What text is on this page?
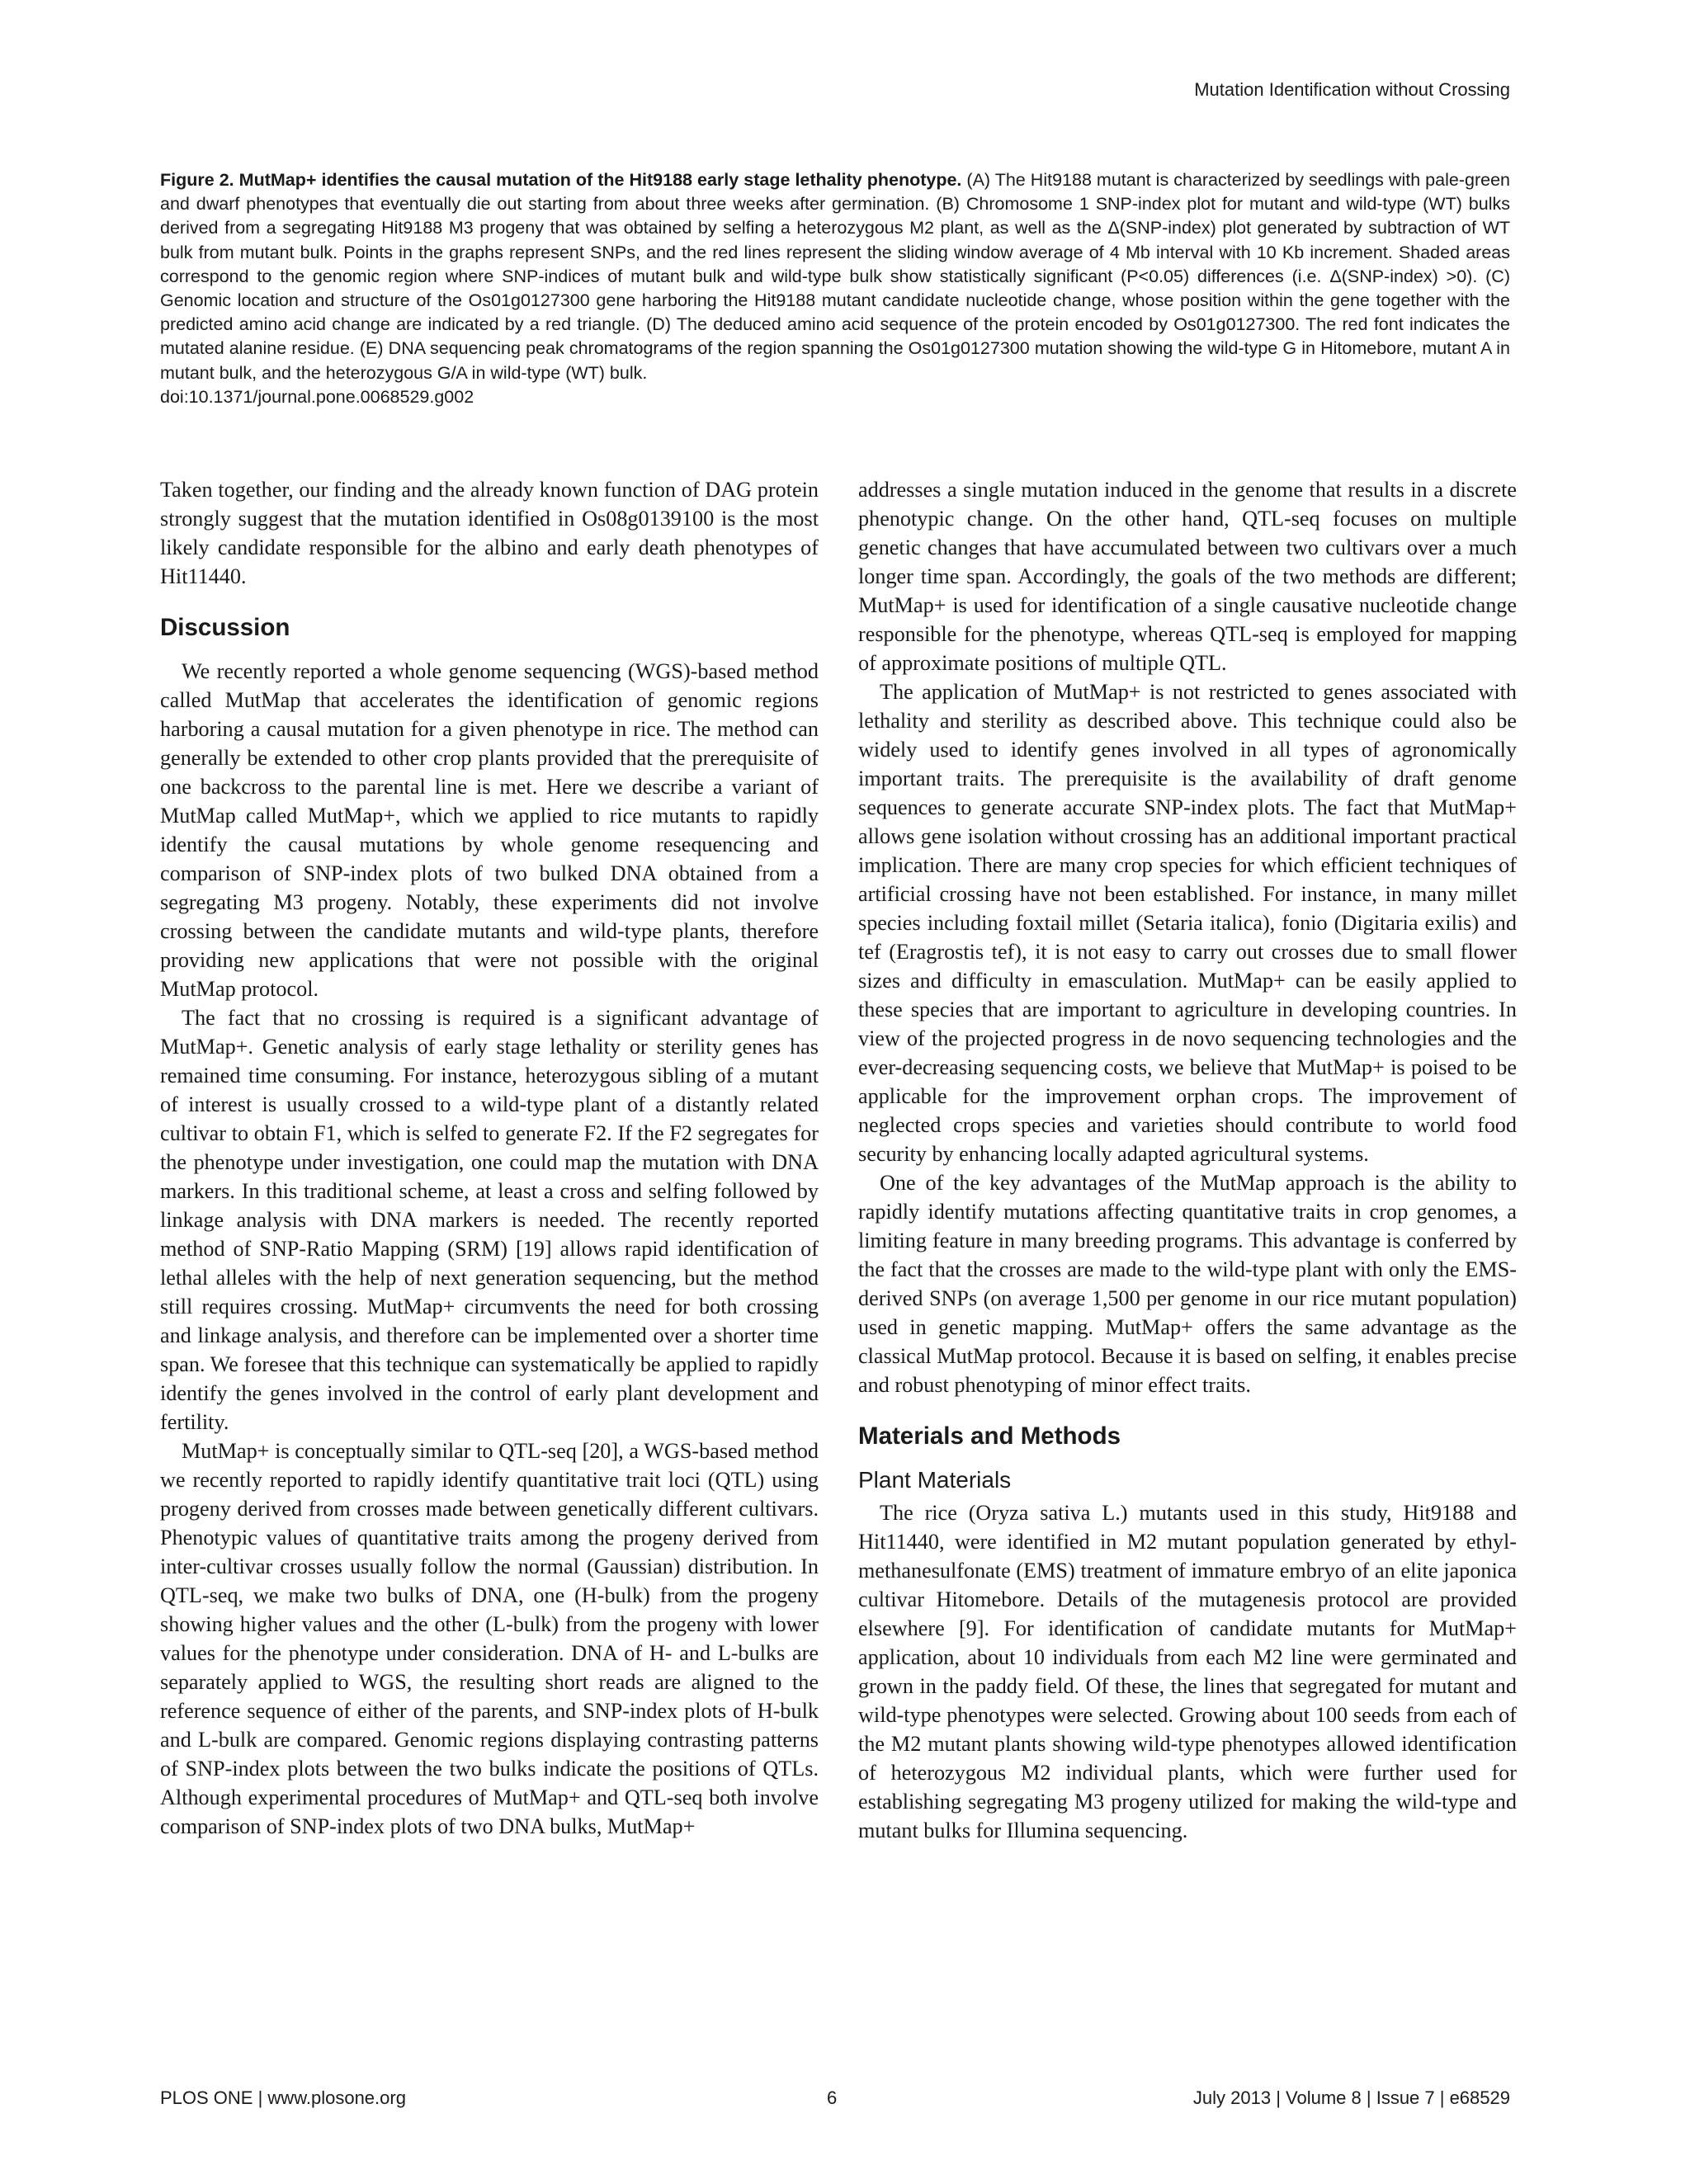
Mutation Identification without Crossing

Figure 2. MutMap+ identifies the causal mutation of the Hit9188 early stage lethality phenotype. (A) The Hit9188 mutant is characterized by seedlings with pale-green and dwarf phenotypes that eventually die out starting from about three weeks after germination. (B) Chromosome 1 SNP-index plot for mutant and wild-type (WT) bulks derived from a segregating Hit9188 M3 progeny that was obtained by selfing a heterozygous M2 plant, as well as the Δ(SNP-index) plot generated by subtraction of WT bulk from mutant bulk. Points in the graphs represent SNPs, and the red lines represent the sliding window average of 4 Mb interval with 10 Kb increment. Shaded areas correspond to the genomic region where SNP-indices of mutant bulk and wild-type bulk show statistically significant (P<0.05) differences (i.e. Δ(SNP-index) >0). (C) Genomic location and structure of the Os01g0127300 gene harboring the Hit9188 mutant candidate nucleotide change, whose position within the gene together with the predicted amino acid change are indicated by a red triangle. (D) The deduced amino acid sequence of the protein encoded by Os01g0127300. The red font indicates the mutated alanine residue. (E) DNA sequencing peak chromatograms of the region spanning the Os01g0127300 mutation showing the wild-type G in Hitomebore, mutant A in mutant bulk, and the heterozygous G/A in wild-type (WT) bulk.

doi:10.1371/journal.pone.0068529.g002

Taken together, our finding and the already known function of DAG protein strongly suggest that the mutation identified in Os08g0139100 is the most likely candidate responsible for the albino and early death phenotypes of Hit11440.

Discussion

We recently reported a whole genome sequencing (WGS)-based method called MutMap that accelerates the identification of genomic regions harboring a causal mutation for a given phenotype in rice. The method can generally be extended to other crop plants provided that the prerequisite of one backcross to the parental line is met. Here we describe a variant of MutMap called MutMap+, which we applied to rice mutants to rapidly identify the causal mutations by whole genome resequencing and comparison of SNP-index plots of two bulked DNA obtained from a segregating M3 progeny. Notably, these experiments did not involve crossing between the candidate mutants and wild-type plants, therefore providing new applications that were not possible with the original MutMap protocol.

The fact that no crossing is required is a significant advantage of MutMap+. Genetic analysis of early stage lethality or sterility genes has remained time consuming. For instance, heterozygous sibling of a mutant of interest is usually crossed to a wild-type plant of a distantly related cultivar to obtain F1, which is selfed to generate F2. If the F2 segregates for the phenotype under investigation, one could map the mutation with DNA markers. In this traditional scheme, at least a cross and selfing followed by linkage analysis with DNA markers is needed. The recently reported method of SNP-Ratio Mapping (SRM) [19] allows rapid identification of lethal alleles with the help of next generation sequencing, but the method still requires crossing. MutMap+ circumvents the need for both crossing and linkage analysis, and therefore can be implemented over a shorter time span. We foresee that this technique can systematically be applied to rapidly identify the genes involved in the control of early plant development and fertility.

MutMap+ is conceptually similar to QTL-seq [20], a WGS-based method we recently reported to rapidly identify quantitative trait loci (QTL) using progeny derived from crosses made between genetically different cultivars. Phenotypic values of quantitative traits among the progeny derived from inter-cultivar crosses usually follow the normal (Gaussian) distribution. In QTL-seq, we make two bulks of DNA, one (H-bulk) from the progeny showing higher values and the other (L-bulk) from the progeny with lower values for the phenotype under consideration. DNA of H- and L-bulks are separately applied to WGS, the resulting short reads are aligned to the reference sequence of either of the parents, and SNP-index plots of H-bulk and L-bulk are compared. Genomic regions displaying contrasting patterns of SNP-index plots between the two bulks indicate the positions of QTLs. Although experimental procedures of MutMap+ and QTL-seq both involve comparison of SNP-index plots of two DNA bulks, MutMap+

addresses a single mutation induced in the genome that results in a discrete phenotypic change. On the other hand, QTL-seq focuses on multiple genetic changes that have accumulated between two cultivars over a much longer time span. Accordingly, the goals of the two methods are different; MutMap+ is used for identification of a single causative nucleotide change responsible for the phenotype, whereas QTL-seq is employed for mapping of approximate positions of multiple QTL.

The application of MutMap+ is not restricted to genes associated with lethality and sterility as described above. This technique could also be widely used to identify genes involved in all types of agronomically important traits. The prerequisite is the availability of draft genome sequences to generate accurate SNP-index plots. The fact that MutMap+ allows gene isolation without crossing has an additional important practical implication. There are many crop species for which efficient techniques of artificial crossing have not been established. For instance, in many millet species including foxtail millet (Setaria italica), fonio (Digitaria exilis) and tef (Eragrostis tef), it is not easy to carry out crosses due to small flower sizes and difficulty in emasculation. MutMap+ can be easily applied to these species that are important to agriculture in developing countries. In view of the projected progress in de novo sequencing technologies and the ever-decreasing sequencing costs, we believe that MutMap+ is poised to be applicable for the improvement orphan crops. The improvement of neglected crops species and varieties should contribute to world food security by enhancing locally adapted agricultural systems.

One of the key advantages of the MutMap approach is the ability to rapidly identify mutations affecting quantitative traits in crop genomes, a limiting feature in many breeding programs. This advantage is conferred by the fact that the crosses are made to the wild-type plant with only the EMS-derived SNPs (on average 1,500 per genome in our rice mutant population) used in genetic mapping. MutMap+ offers the same advantage as the classical MutMap protocol. Because it is based on selfing, it enables precise and robust phenotyping of minor effect traits.

Materials and Methods
Plant Materials

The rice (Oryza sativa L.) mutants used in this study, Hit9188 and Hit11440, were identified in M2 mutant population generated by ethyl-methanesulfonate (EMS) treatment of immature embryo of an elite japonica cultivar Hitomebore. Details of the mutagenesis protocol are provided elsewhere [9]. For identification of candidate mutants for MutMap+ application, about 10 individuals from each M2 line were germinated and grown in the paddy field. Of these, the lines that segregated for mutant and wild-type phenotypes were selected. Growing about 100 seeds from each of the M2 mutant plants showing wild-type phenotypes allowed identification of heterozygous M2 individual plants, which were further used for establishing segregating M3 progeny utilized for making the wild-type and mutant bulks for Illumina sequencing.

PLOS ONE | www.plosone.org	6	July 2013 | Volume 8 | Issue 7 | e68529
